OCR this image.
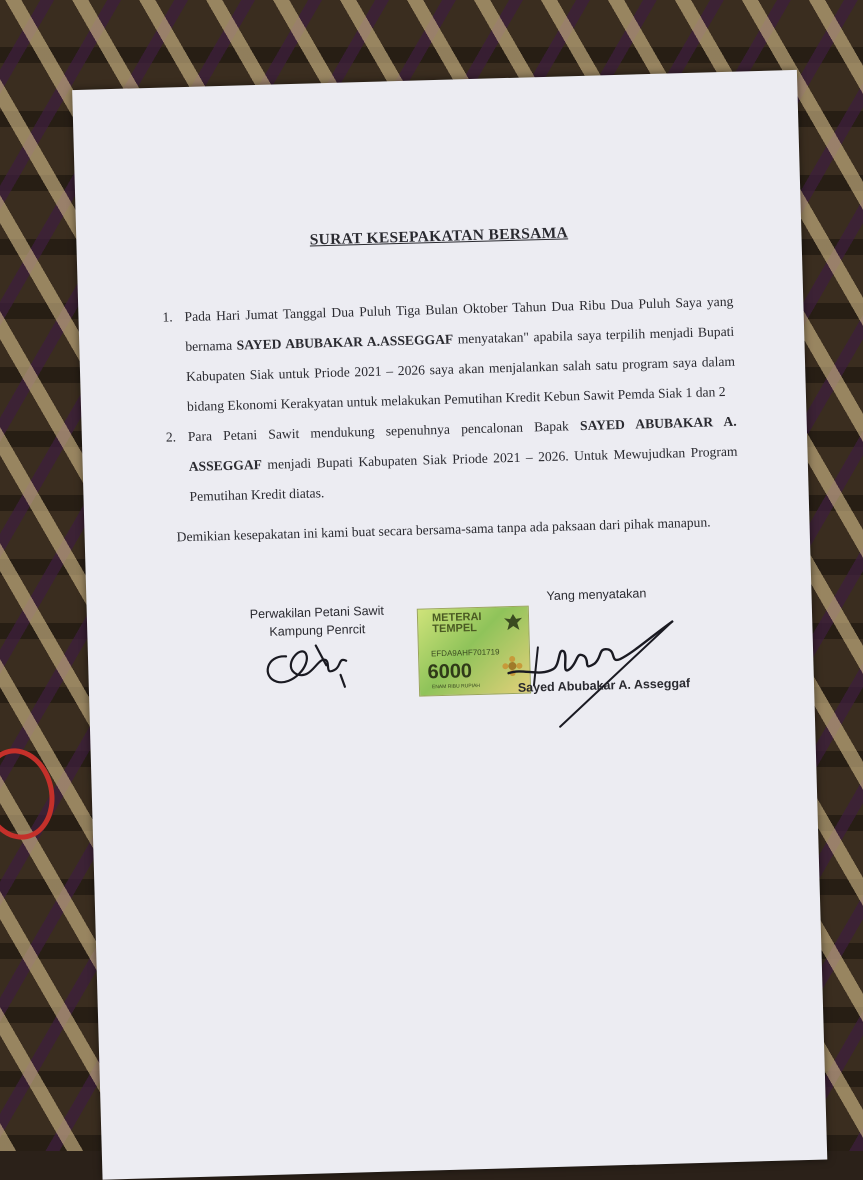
SURAT KESEPAKATAN BERSAMA
1. Pada Hari Jumat Tanggal Dua Puluh Tiga Bulan Oktober Tahun Dua Ribu Dua Puluh Saya yang bernama SAYED ABUBAKAR A.ASSEGGAF menyatakan" apabila saya terpilih menjadi Bupati Kabupaten Siak untuk Priode 2021 – 2026 saya akan menjalankan salah satu program saya dalam bidang Ekonomi Kerakyatan untuk melakukan Pemutihan Kredit Kebun Sawit Pemda Siak 1 dan 2
2. Para Petani Sawit mendukung sepenuhnya pencalonan Bapak SAYED ABUBAKAR A. ASSEGGAF menjadi Bupati Kabupaten Siak Priode 2021 – 2026. Untuk Mewujudkan Program Pemutihan Kredit diatas.
Demikian kesepakatan ini kami buat secara bersama-sama tanpa ada paksaan dari pihak manapun.
Perwakilan Petani Sawit
Kampung Penrcit
METERAI
TEMPEL
EFDA9AHF701719
6000
ENAM RIBU RUPIAH
Yang menyatakan
Sayed Abubakar A. Asseggaf
